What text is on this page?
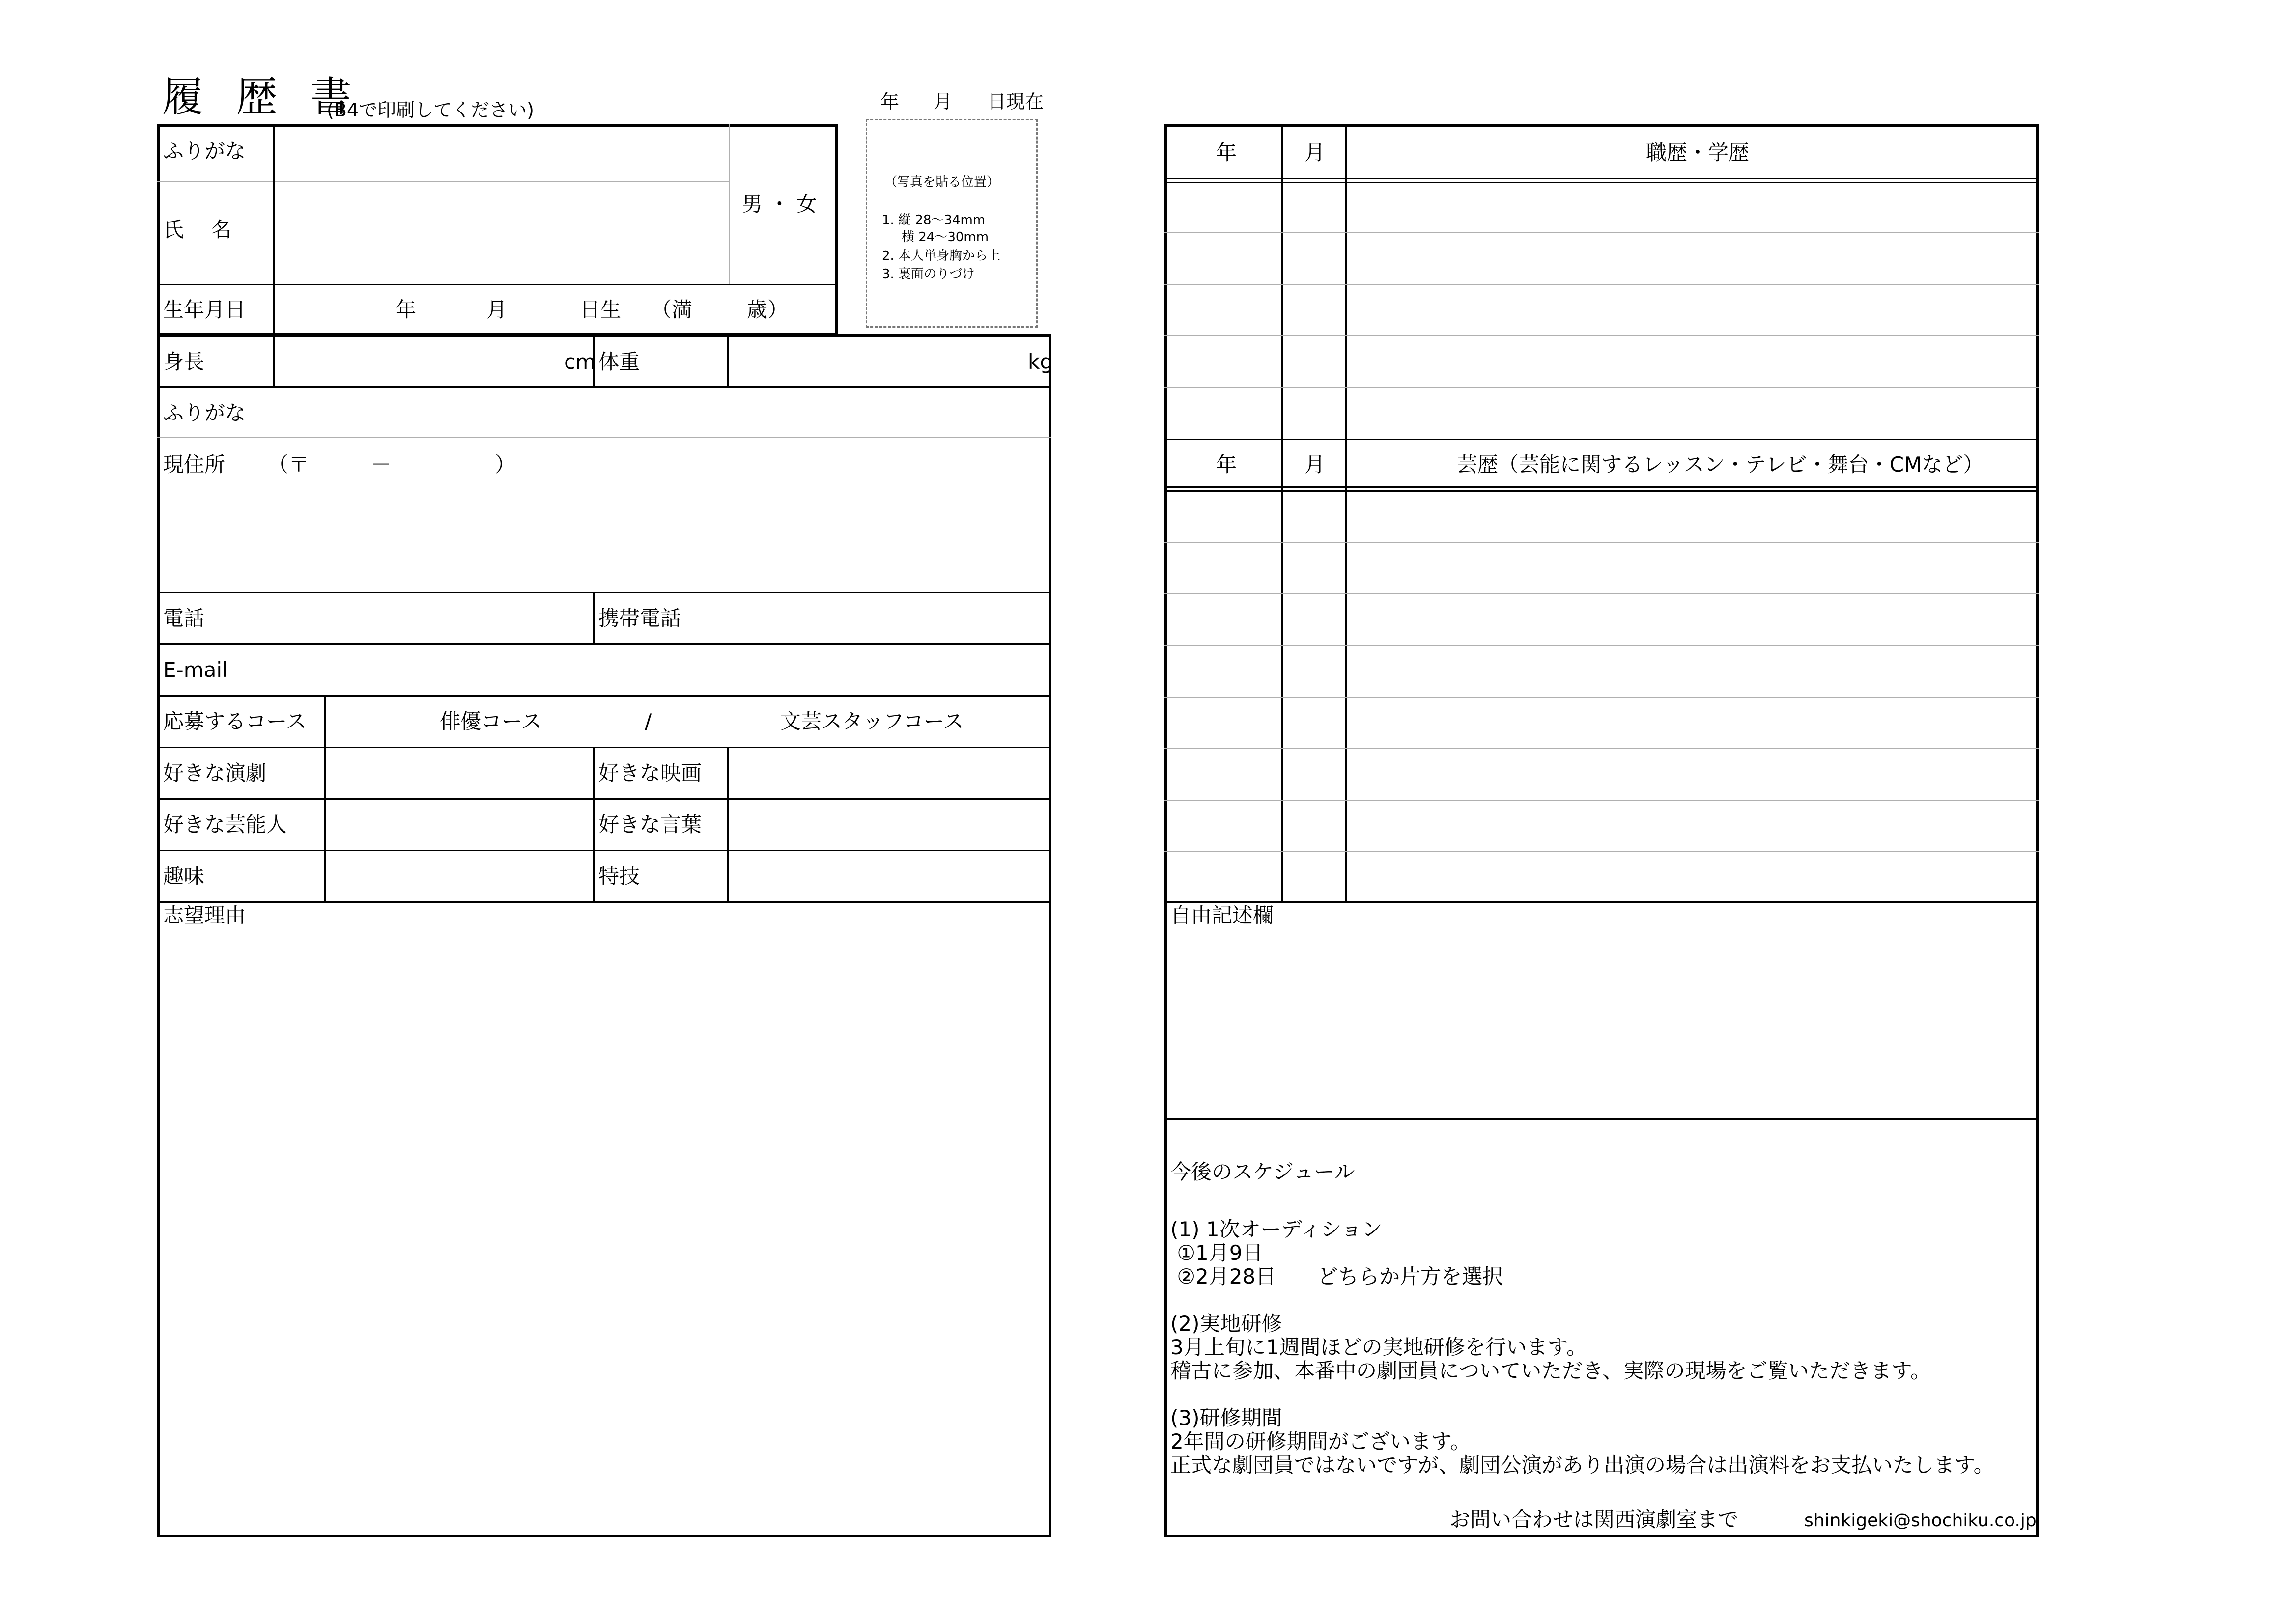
履 歴 書
(B4で印刷してください)	年 月 日現在
（写真を貼る位置）
1. 縦 28～34mm
横 24～30mm
2. 本人単身胸から上
3. 裏面のりづけ
ふりがな
氏　 名
男 ・ 女
生年月日	年	月	日生 （満	歳）
身長	cm 体重	kg
ふりがな
現住所 （〒　　　－　　　　　）
電話	携帯電話
E-mail
応募するコース	俳優コース	/	文芸スタッフコース
好きな演劇	好きな映画
好きな芸能人	好きな言葉
趣味	特技
志望理由
年	月	職歴・学歴
年	月	芸歴（芸能に関するレッスン・テレビ・舞台・CMなど）
自由記述欄
今後のスケジュール
(1) 1次オーディション
①1月9日
②2月28日　　どちらか片方を選択
(2)実地研修
3月上旬に1週間ほどの実地研修を行います。
稽古に参加、本番中の劇団員についていただき、実際の現場をご覧いただきます。
(3)研修期間
2年間の研修期間がございます。
正式な劇団員ではないですが、劇団公演があり出演の場合は出演料をお支払いたします。
お問い合わせは関西演劇室まで	shinkigeki@shochiku.co.jp
